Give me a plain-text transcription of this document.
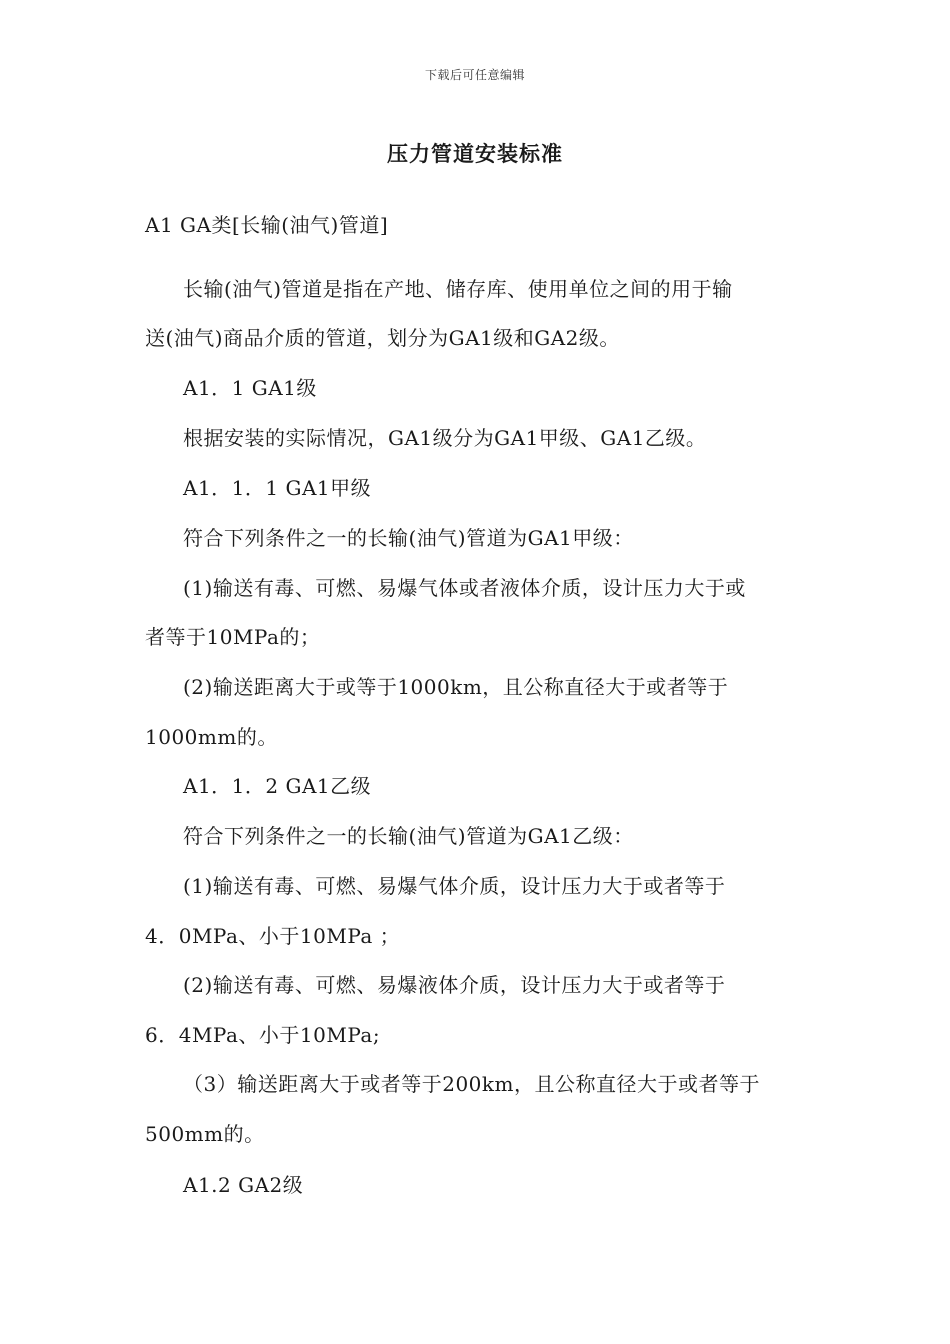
下载后可任意编辑
压力管道安装标准
A1 GA类[长输(油气)管道]
长输(油气)管道是指在产地、储存库、使用单位之间的用于输
送(油气)商品介质的管道，划分为GA1级和GA2级。
A1．1 GA1级
根据安装的实际情况，GA1级分为GA1甲级、GA1乙级。
A1．1．1 GA1甲级
符合下列条件之一的长输(油气)管道为GA1甲级：
(1)输送有毒、可燃、易爆气体或者液体介质，设计压力大于或
者等于10MPa的；
(2)输送距离大于或等于1000km，且公称直径大于或者等于
1000mm的。
A1．1．2 GA1乙级
符合下列条件之一的长输(油气)管道为GA1乙级：
(1)输送有毒、可燃、易爆气体介质，设计压力大于或者等于
4．0MPa、小于10MPa ；
(2)输送有毒、可燃、易爆液体介质，设计压力大于或者等于
6．4MPa、小于10MPa;
（3）输送距离大于或者等于200km，且公称直径大于或者等于
500mm的。
A1.2 GA2级
